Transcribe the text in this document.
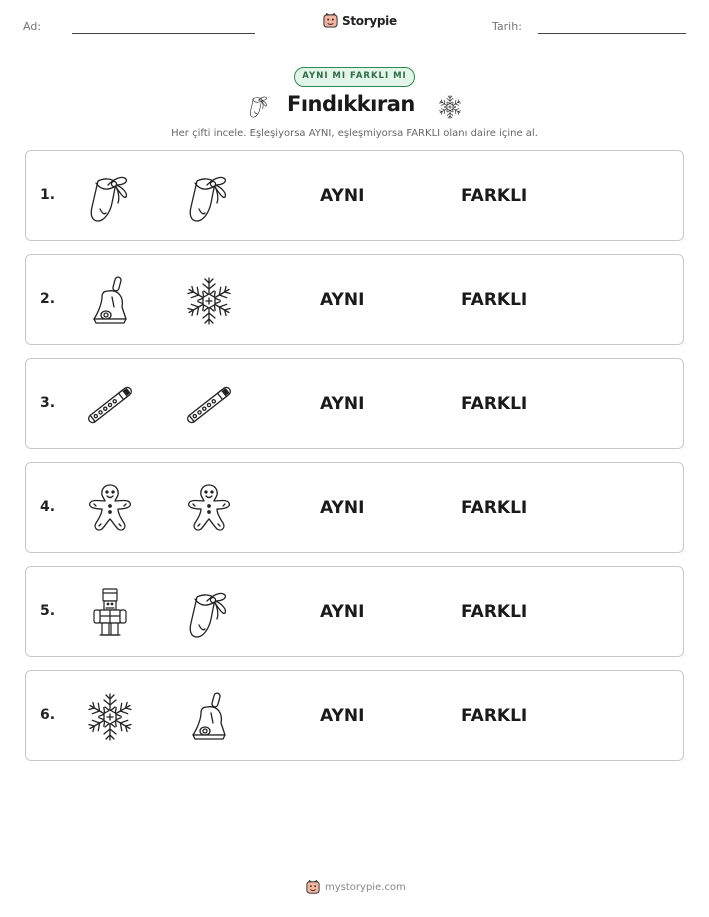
Ad:	Storypie	Tarih:
AYNI MI FARKLI MI
Fındıkkıran
Her çifti incele. Eşleşiyorsa AYNI, eşleşmiyorsa FARKLI olanı daire içine al.
1.	AYNI	FARKLI
2.	AYNI	FARKLI
3.	AYNI	FARKLI
4.	AYNI	FARKLI
5.	AYNI	FARKLI
6.	AYNI	FARKLI
mystorypie.com
